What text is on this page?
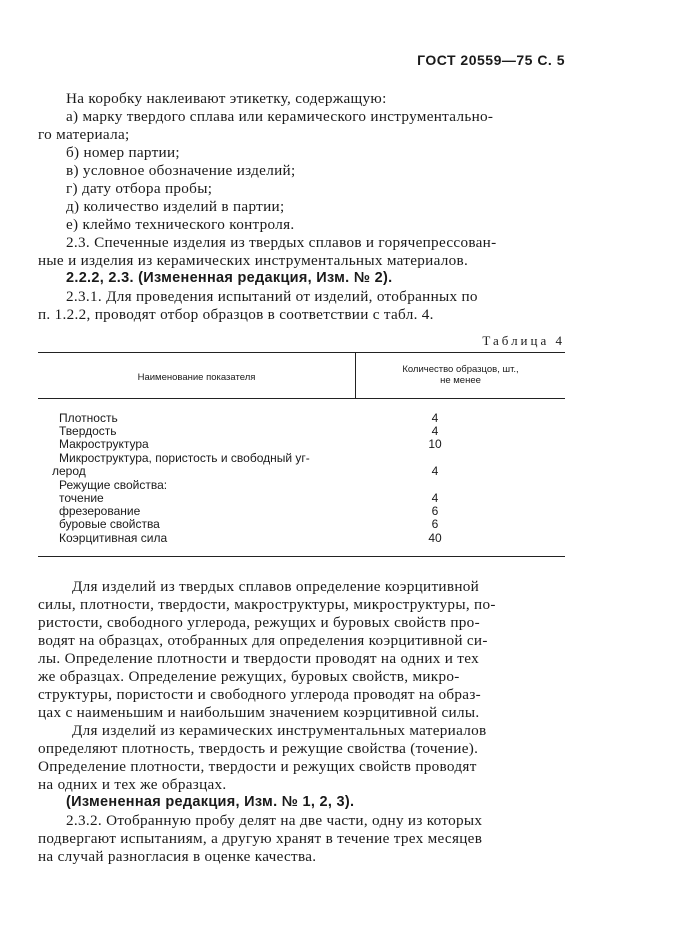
ГОСТ 20559—75 С. 5
На коробку наклеивают этикетку, содержащую:
а) марку твердого сплава или керамического инструментально-
го материала;
б) номер партии;
в) условное обозначение изделий;
г) дату отбора пробы;
д) количество изделий в партии;
е) клеймо технического контроля.
2.3. Спеченные изделия из твердых сплавов и горячепрессован-
ные и изделия из керамических инструментальных материалов.
2.2.2, 2.3. (Измененная редакция, Изм. № 2).
2.3.1. Для проведения испытаний от изделий, отобранных по
п. 1.2.2, проводят отбор образцов в соответствии с табл. 4.
Таблица 4
Наименование показателя
Количество образцов, шт.,
не менее
Плотность	4
Твердость	4
Макроструктура	10
Микроструктура, пористость и свободный уг-
лерод	4
Режущие свойства:
точение	4
фрезерование	6
буровые свойства	6
Коэрцитивная сила	40
Для изделий из твердых сплавов определение коэрцитивной
силы, плотности, твердости, макроструктуры, микроструктуры, по-
ристости, свободного углерода, режущих и буровых свойств про-
водят на образцах, отобранных для определения коэрцитивной си-
лы. Определение плотности и твердости проводят на одних и тех
же образцах. Определение режущих, буровых свойств, микро-
структуры, пористости и свободного углерода проводят на образ-
цах с наименьшим и наибольшим значением коэрцитивной силы.
Для изделий из керамических инструментальных материалов
определяют плотность, твердость и режущие свойства (точение).
Определение плотности, твердости и режущих свойств проводят
на одних и тех же образцах.
(Измененная редакция, Изм. № 1, 2, 3).
2.3.2. Отобранную пробу делят на две части, одну из которых
подвергают испытаниям, а другую хранят в течение трех месяцев
на случай разногласия в оценке качества.
